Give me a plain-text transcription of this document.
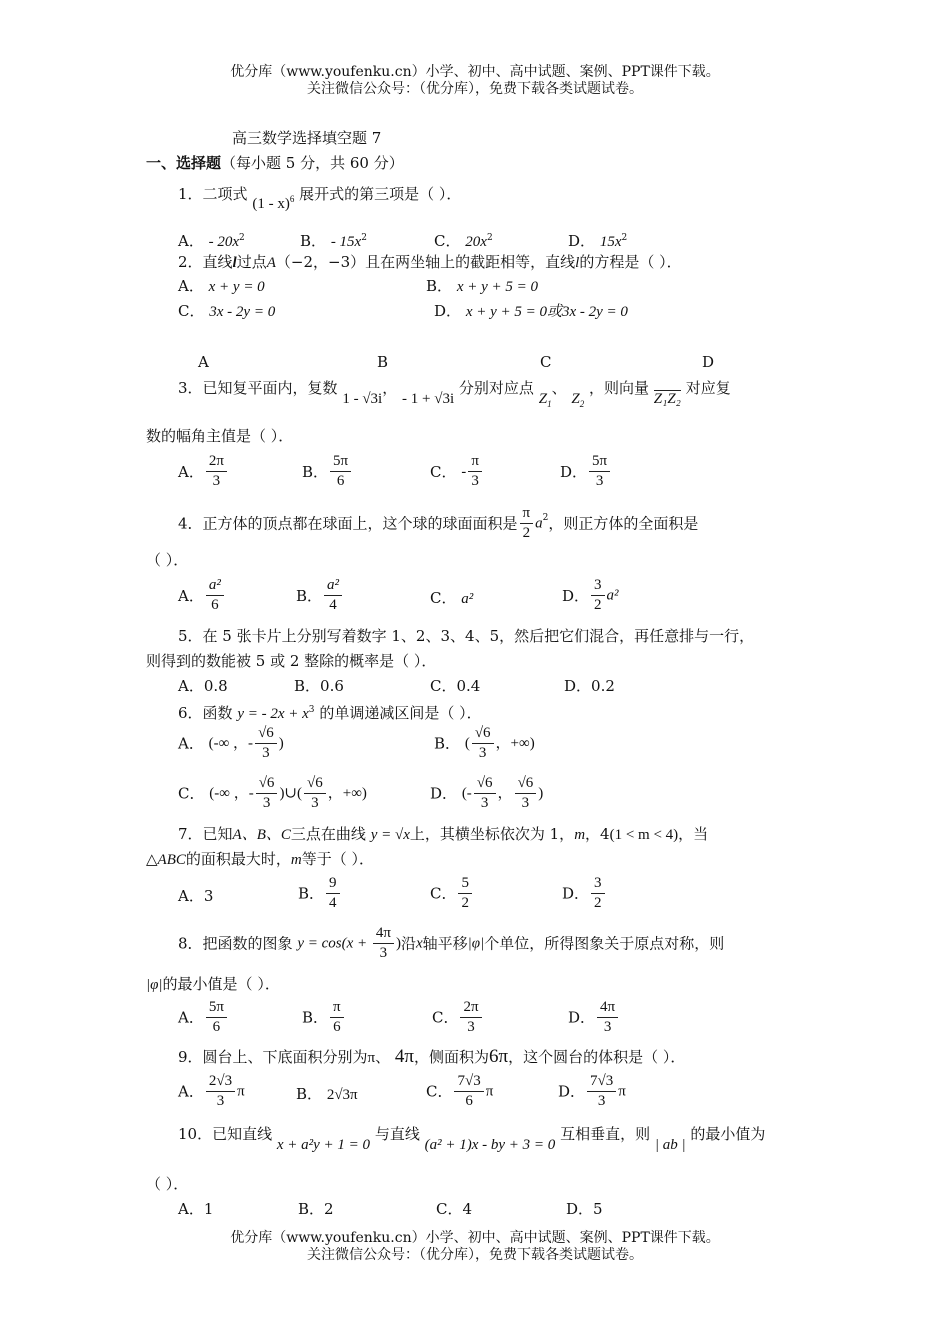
优分库（www.youfenku.cn）小学、初中、高中试题、案例、PPT课件下载。
关注微信公众号：（优分库），免费下载各类试题试卷。
高三数学选择填空题 7
一、选择题（每小题 5 分，共 60 分）
1．二项式 (1 - x)$^6$ 展开式的第三项是（ ）．
A． - $20x^2$	B． - $15x^2$	C． $20x^2$	D． $15x^2$
2．直线l过点A（−2，−3）且在两坐轴上的截距相等，直线l的方程是（ ）．
A． x + y = 0	B． x + y + 5 = 0
C． 3x - 2y = 0	D． x + y + 5 = 0或3x - 2y = 0
A	B	C	D
3．已知复平面内，复数 1 - √3i， - 1 + √3i 分别对应点 $Z_1$、 $Z_2$ ，则向量 Z₁Z₂ 对应复
数的幅角主值是（ ）．
A． $\frac{2\pi}{3}$	B． $\frac{5\pi}{6}$	C． - $\frac{\pi}{3}$	D． $\frac{5\pi}{3}$
4．正方体的顶点都在球面上，这个球的球面面积是 $\frac{\pi}{2} a^2$，则正方体的全面积是
（ ）．
A． $\frac{\text{a²}}{6}$	B． $\frac{\text{a²}}{4}$	C． a²	D． $\frac{3}{2} a^2$
5．在 5 张卡片上分别写着数字 1、2、3、4、5，然后把它们混合，再任意排与一行，
则得到的数能被 5 或 2 整除的概率是（ ）．
A．0.8	B．0.6	C．0.4	D．0.2
6．函数 y = - $2x + x^3$ 的单调递减区间是（ ）．
A． (-∞ ，- $\frac{√6}{3}$ )	B． ( $\frac{√6}{3}$ ，+∞)
C． (-∞ ，- $\frac{√6}{3}$ )∪( $\frac{√6}{3}$ ，+∞)	D． (- $\frac{√6}{3}$ ， $\frac{√6}{3}$ )
7．已知A、B、C三点在曲线 y = √x上，其横坐标依次为 1，m，4(1 < m < 4)，当
△ABC的面积最大时，m等于（ ）．
A．3	B． $\frac{9}{4}$	C． $\frac{5}{2}$	D． $\frac{3}{2}$
8．把函数的图象 $y = \cos(x + \frac{4\pi}{3}$ )沿x轴平移|φ|个单位，所得图象关于原点对称，则
|φ|的最小值是（ ）．
A． $\frac{5\pi}{6}$	B． $\frac{\pi}{6}$	C． $\frac{2\pi}{3}$	D． $\frac{4\pi}{3}$
9．圆台上、下底面积分别为π、 4π，侧面积为6π，这个圆台的体积是（ ）．
A． $\frac{2√3}{3}$ π	B． 2√3π	C． $\frac{7√3}{6}$ π	D． $\frac{7√3}{3}$ π
10．已知直线 x + a²y + 1 = 0 与直线 (a² + 1)x - by + 3 = 0 互相垂直，则 | ab | 的最小值为
（ ）．
A．1	B．2	C．4	D．5
优分库（www.youfenku.cn）小学、初中、高中试题、案例、PPT课件下载。
关注微信公众号：（优分库），免费下载各类试题试卷。
